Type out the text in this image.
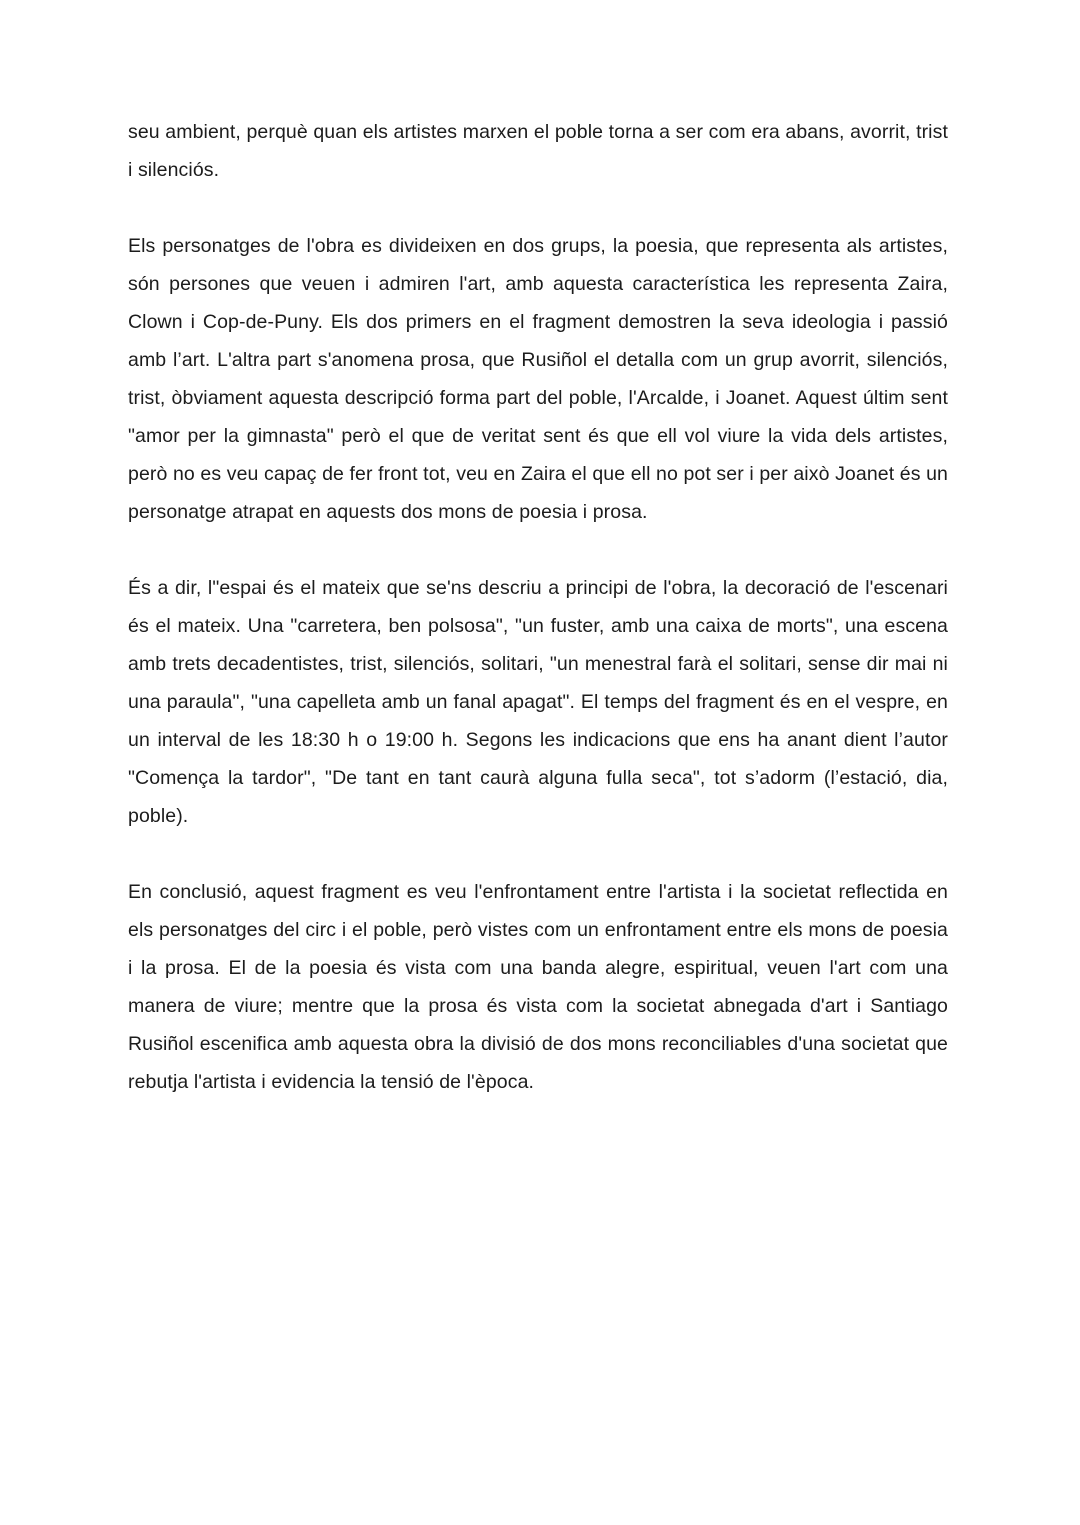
seu ambient, perquè quan els artistes marxen el poble torna a ser com era abans, avorrit, trist i silenciós.

Els personatges de l'obra es divideixen en dos grups, la poesia, que representa als artistes, són persones que veuen i admiren l'art, amb aquesta característica les representa Zaira, Clown i Cop-de-Puny. Els dos primers en el fragment demostren la seva ideologia i passió amb l’art. L'altra part s'anomena prosa, que Rusiñol el detalla com un grup avorrit, silenciós, trist, òbviament aquesta descripció forma part del poble, l'Arcalde, i Joanet. Aquest últim sent "amor per la gimnasta" però el que de veritat sent és que ell vol viure la vida dels artistes, però no es veu capaç de fer front tot, veu en Zaira el que ell no pot ser i per això Joanet és un personatge atrapat en aquests dos mons de poesia i prosa.

És a dir, l"espai és el mateix que se'ns descriu a principi de l'obra, la decoració de l'escenari és el mateix. Una "carretera, ben polsosa", "un fuster, amb una caixa de morts", una escena amb trets decadentistes, trist, silenciós, solitari, "un menestral farà el solitari, sense dir mai ni una paraula", "una capelleta amb un fanal apagat". El temps del fragment és en el vespre, en un interval de les 18:30 h o 19:00 h. Segons les indicacions que ens ha anant dient l’autor "Comença la tardor", "De tant en tant caurà alguna fulla seca", tot s’adorm (l’estació, dia, poble).

En conclusió, aquest fragment es veu l'enfrontament entre l'artista i la societat reflectida en els personatges del circ i el poble, però vistes com un enfrontament entre els mons de poesia i la prosa. El de la poesia és vista com una banda alegre, espiritual, veuen l'art com una manera de viure; mentre que la prosa és vista com la societat abnegada d'art i Santiago Rusiñol escenifica amb aquesta obra la divisió de dos mons reconciliables d'una societat que rebutja l'artista i evidencia la tensió de l'època.
